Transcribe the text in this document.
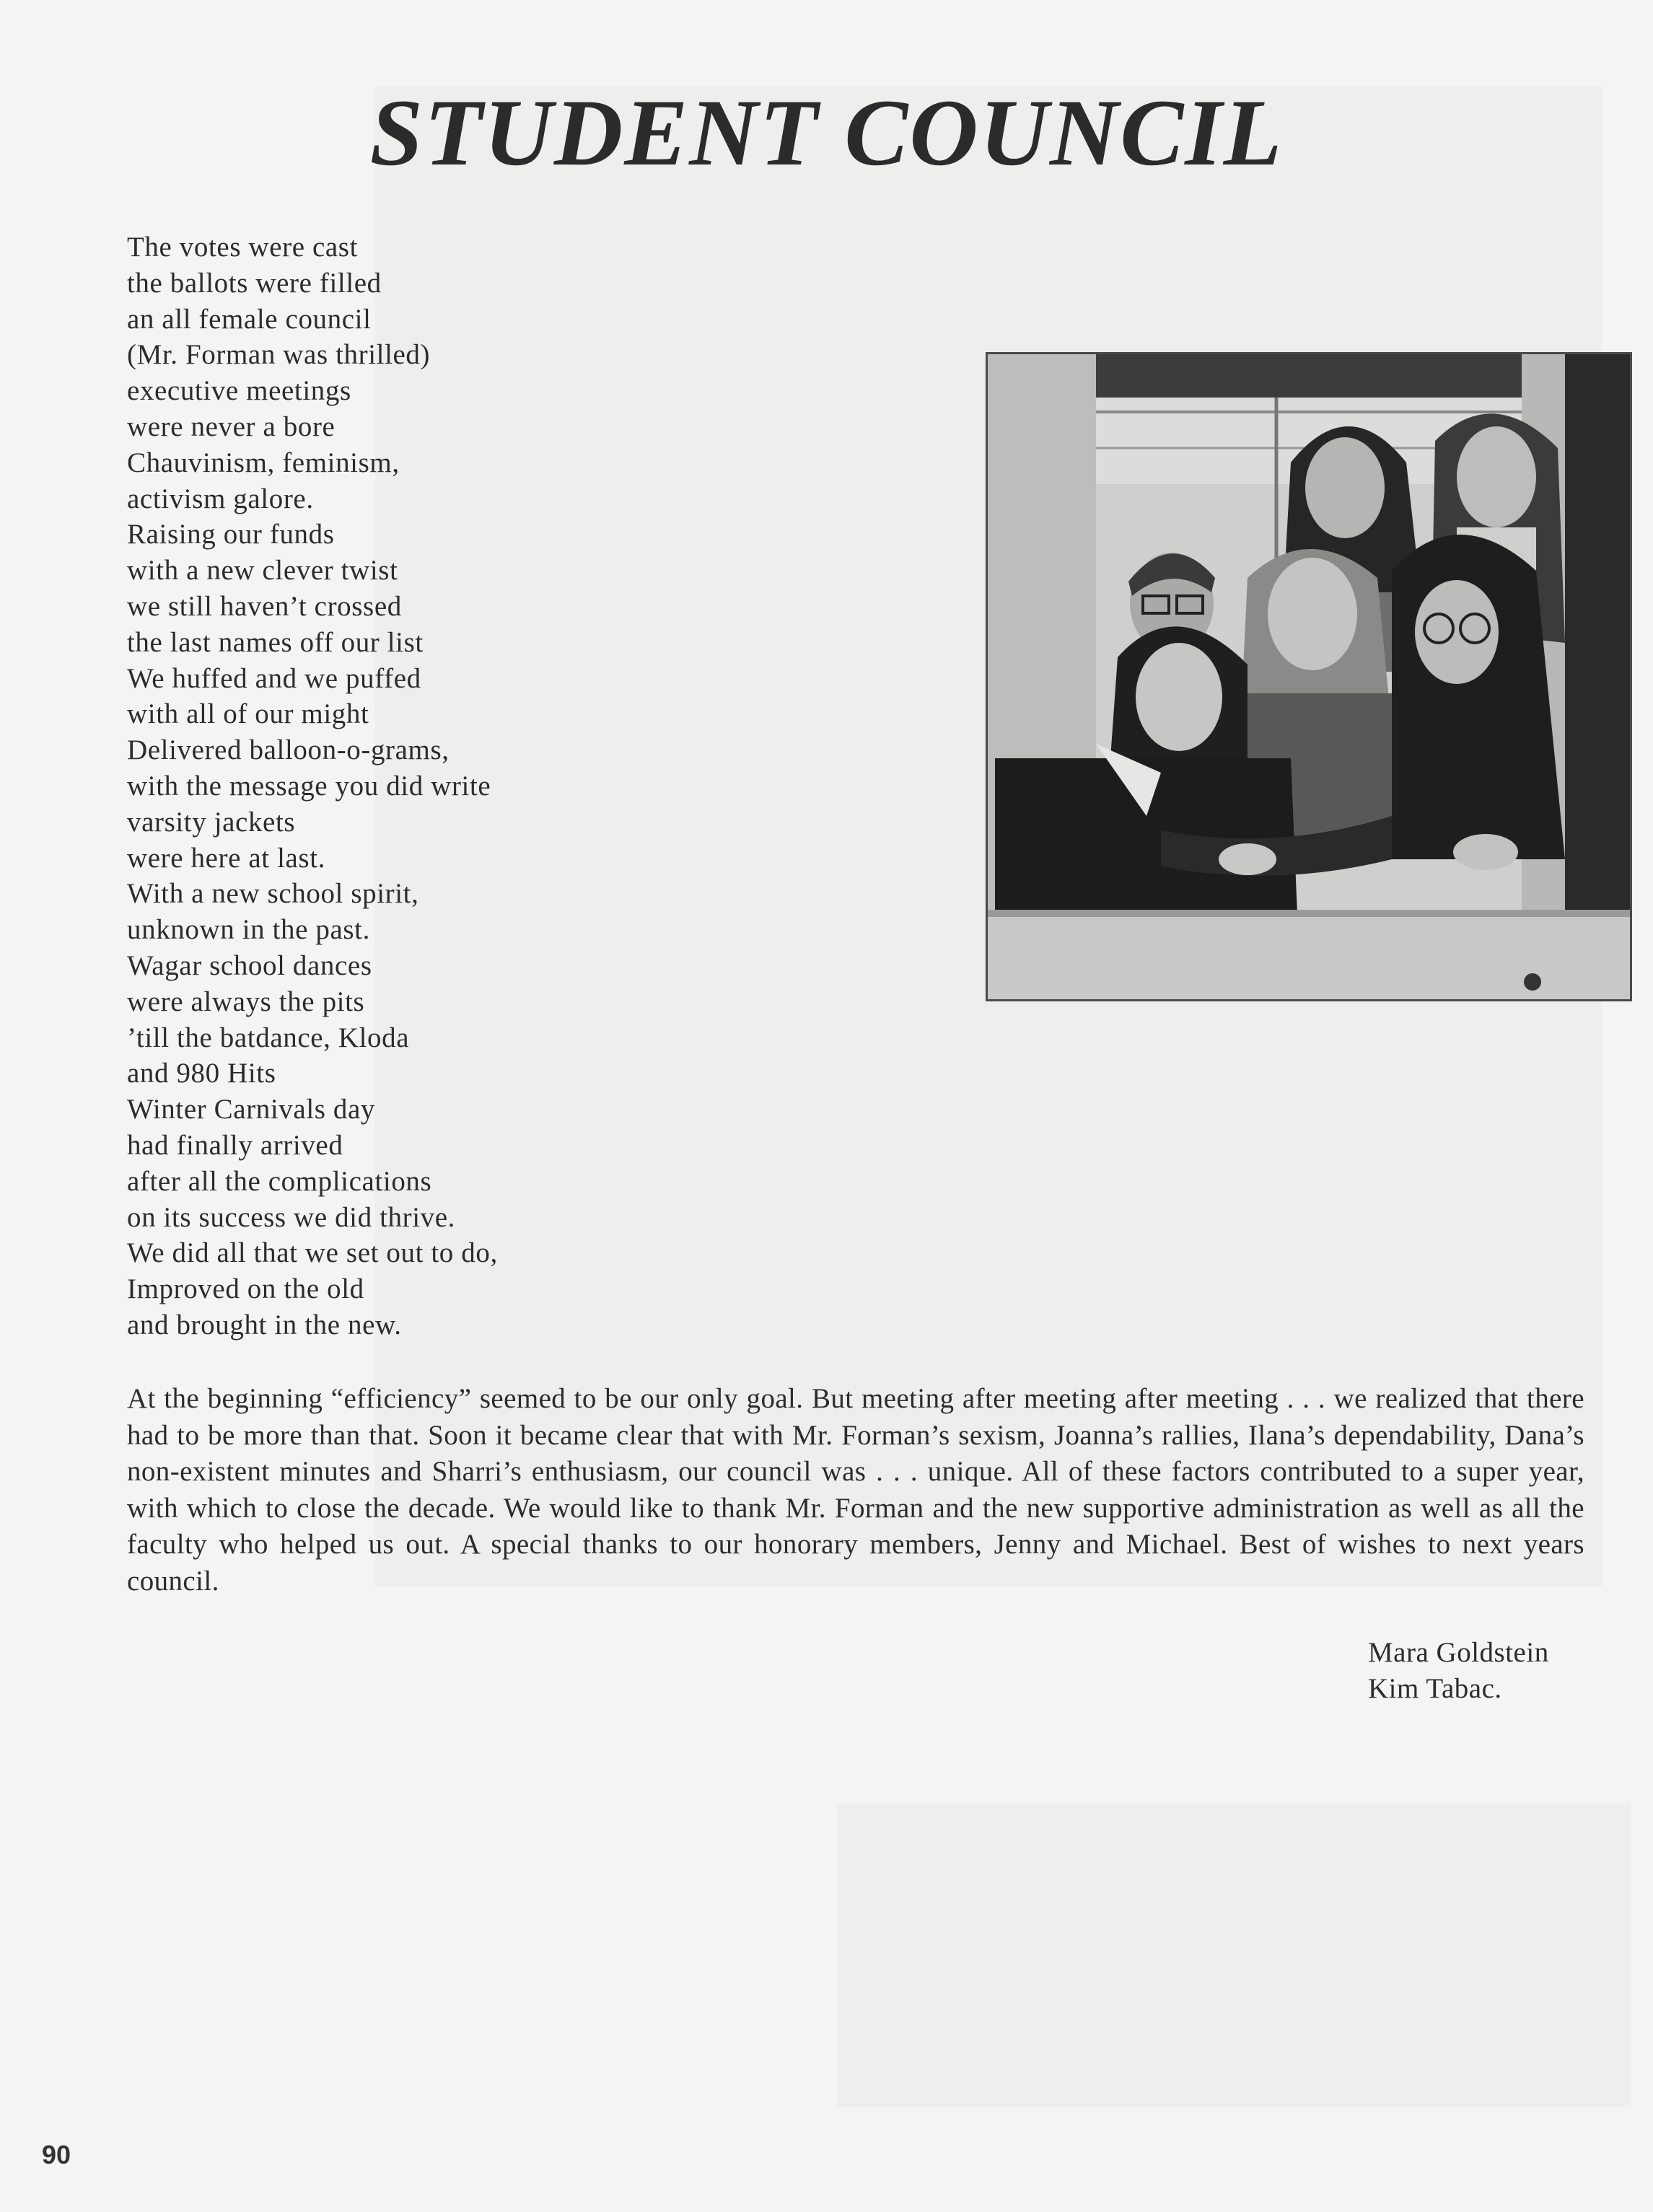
STUDENT COUNCIL
The votes were cast
the ballots were filled
an all female council
(Mr. Forman was thrilled)
executive meetings
were never a bore
Chauvinism, feminism,
activism galore.
Raising our funds
with a new clever twist
we still haven’t crossed
the last names off our list
We huffed and we puffed
with all of our might
Delivered balloon-o-grams,
with the message you did write
varsity jackets
were here at last.
With a new school spirit,
unknown in the past.
Wagar school dances
were always the pits
’till the batdance, Kloda
and 980 Hits
Winter Carnivals day
had finally arrived
after all the complications
on its success we did thrive.
We did all that we set out to do,
Improved on the old
and brought in the new.

At the beginning “efficiency” seemed to be our only goal. But meeting after meeting after meeting . . . we realized that there had to be more than that. Soon it became clear that with Mr. Forman’s sexism, Joanna’s rallies, Ilana’s dependability, Dana’s non-existent minutes and Sharri’s enthusiasm, our council was . . . unique. All of these factors contributed to a super year, with which to close the decade. We would like to thank Mr. Forman and the new supportive administration as well as all the faculty who helped us out. A special thanks to our honorary members, Jenny and Michael. Best of wishes to next years council.

Mara Goldstein
Kim Tabac.
90
